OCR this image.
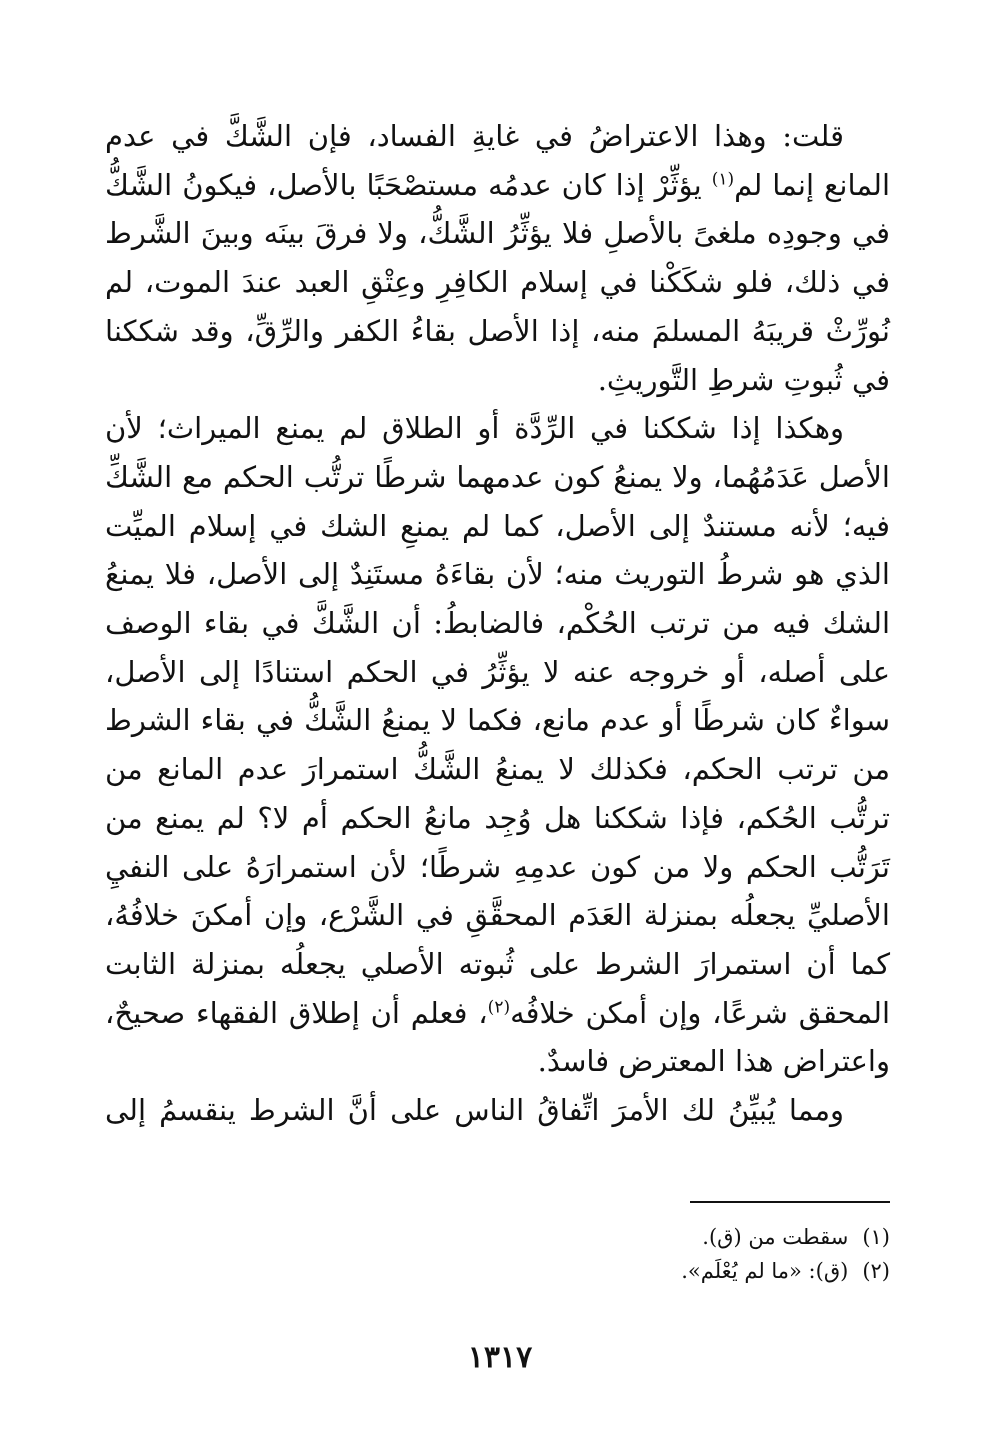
قلت: وهذا الاعتراضُ في غايةِ الفساد، فإن الشَّكَّ في عدم المانع إنما لم$^{(١)}$ يؤثِّرْ إذا كان عدمُه مستصْحَبًا بالأصل، فيكونُ الشَّكُّ في وجودِه ملغىً بالأصلِ فلا يؤثِّرُ الشَّكُّ، ولا فرقَ بينَه وبينَ الشَّرط في ذلك، فلو شكَكْنا في إسلام الكافِرِ وعِتْقِ العبد عندَ الموت، لم نُورِّثْ قريبَهُ المسلمَ منه، إذا الأصل بقاءُ الكفر والرِّقِّ، وقد شككنا في ثُبوتِ شرطِ التَّوريثِ.

وهكذا إذا شككنا في الرِّدَّة أو الطلاق لم يمنع الميراث؛ لأن الأصل عَدَمُهُما، ولا يمنعُ كون عدمهما شرطًا ترتُّب الحكم مع الشَّكِّ فيه؛ لأنه مستندٌ إلى الأصل، كما لم يمنعِ الشك في إسلام الميِّت الذي هو شرطُ التوريث منه؛ لأن بقاءَهُ مستَنِدٌ إلى الأصل، فلا يمنعُ الشك فيه من ترتب الحُكْم، فالضابطُ: أن الشَّكَّ في بقاء الوصف على أصله، أو خروجه عنه لا يؤثِّرُ في الحكم استنادًا إلى الأصل، سواءٌ كان شرطًا أو عدم مانع، فكما لا يمنعُ الشَّكُّ في بقاء الشرط من ترتب الحكم، فكذلك لا يمنعُ الشَّكُّ استمرارَ عدم المانع من ترتُّب الحُكم، فإذا شككنا هل وُجِد مانعُ الحكم أم لا؟ لم يمنع من تَرَتُّب الحكم ولا من كون عدمِهِ شرطًا؛ لأن استمرارَهُ على النفيِ الأصليِّ يجعلُه بمنزلة العَدَم المحقَّقِ في الشَّرْع، وإن أمكنَ خلافُهُ، كما أن استمرارَ الشرط على ثُبوته الأصلي يجعلُه بمنزلة الثابت المحقق شرعًا، وإن أمكن خلافُه$^{(٢)}$، فعلم أن إطلاق الفقهاء صحيحٌ، واعتراض هذا المعترض فاسدٌ.

ومما يُبيِّنُ لك الأمرَ اتِّفاقُ الناس على أنَّ الشرط ينقسمُ إلى

(١)سقطت من (ق).

(٢)(ق): «ما لم يُعْلَم».

١٣١٧
